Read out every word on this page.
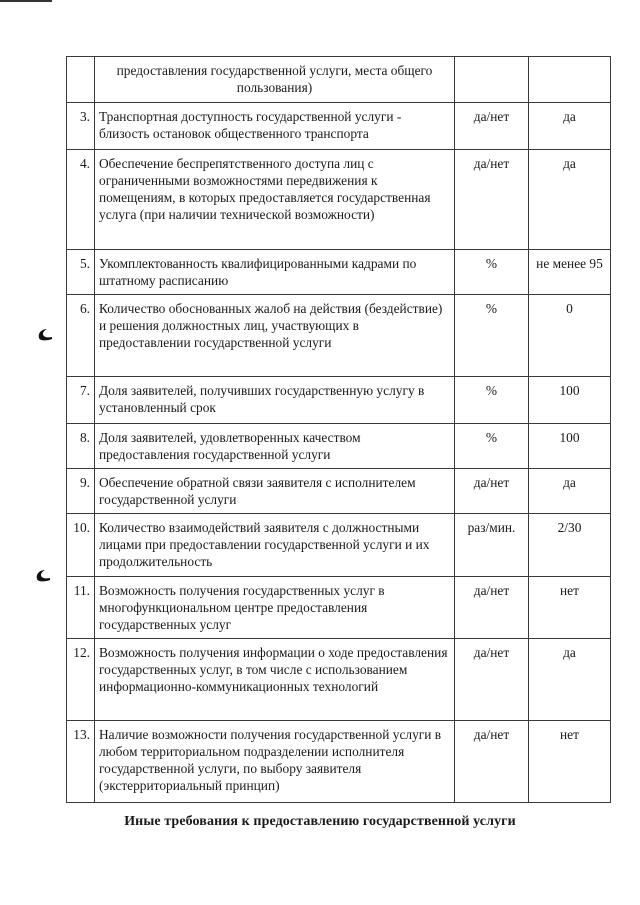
	предоставления государственной услуги, места общего пользования)		
3.	Транспортная доступность государственной услуги - близость остановок общественного транспорта	да/нет	да
4.	Обеспечение беспрепятственного доступа лиц с ограниченными возможностями передвижения к помещениям, в которых предоставляется государственная услуга (при наличии технической возможности)	да/нет	да
5.	Укомплектованность квалифицированными кадрами по штатному расписанию	%	не менее 95
6.	Количество обоснованных жалоб на действия (бездействие) и решения должностных лиц, участвующих в предоставлении государственной услуги	%	0
7.	Доля заявителей, получивших государственную услугу в установленный срок	%	100
8.	Доля заявителей, удовлетворенных качеством предоставления государственной услуги	%	100
9.	Обеспечение обратной связи заявителя с исполнителем государственной услуги	да/нет	да
10.	Количество взаимодействий заявителя с должностными лицами при предоставлении государственной услуги и их продолжительность	раз/мин.	2/30
11.	Возможность получения государственных услуг в многофункциональном центре предоставления государственных услуг	да/нет	нет
12.	Возможность получения информации о ходе предоставления государственных услуг, в том числе с использованием информационно-коммуникационных технологий	да/нет	да
13.	Наличие возможности получения государственной услуги в любом территориальном подразделении исполнителя государственной услуги, по выбору заявителя (экстерриториальный принцип)	да/нет	нет
Иные требования к предоставлению государственной услуги
